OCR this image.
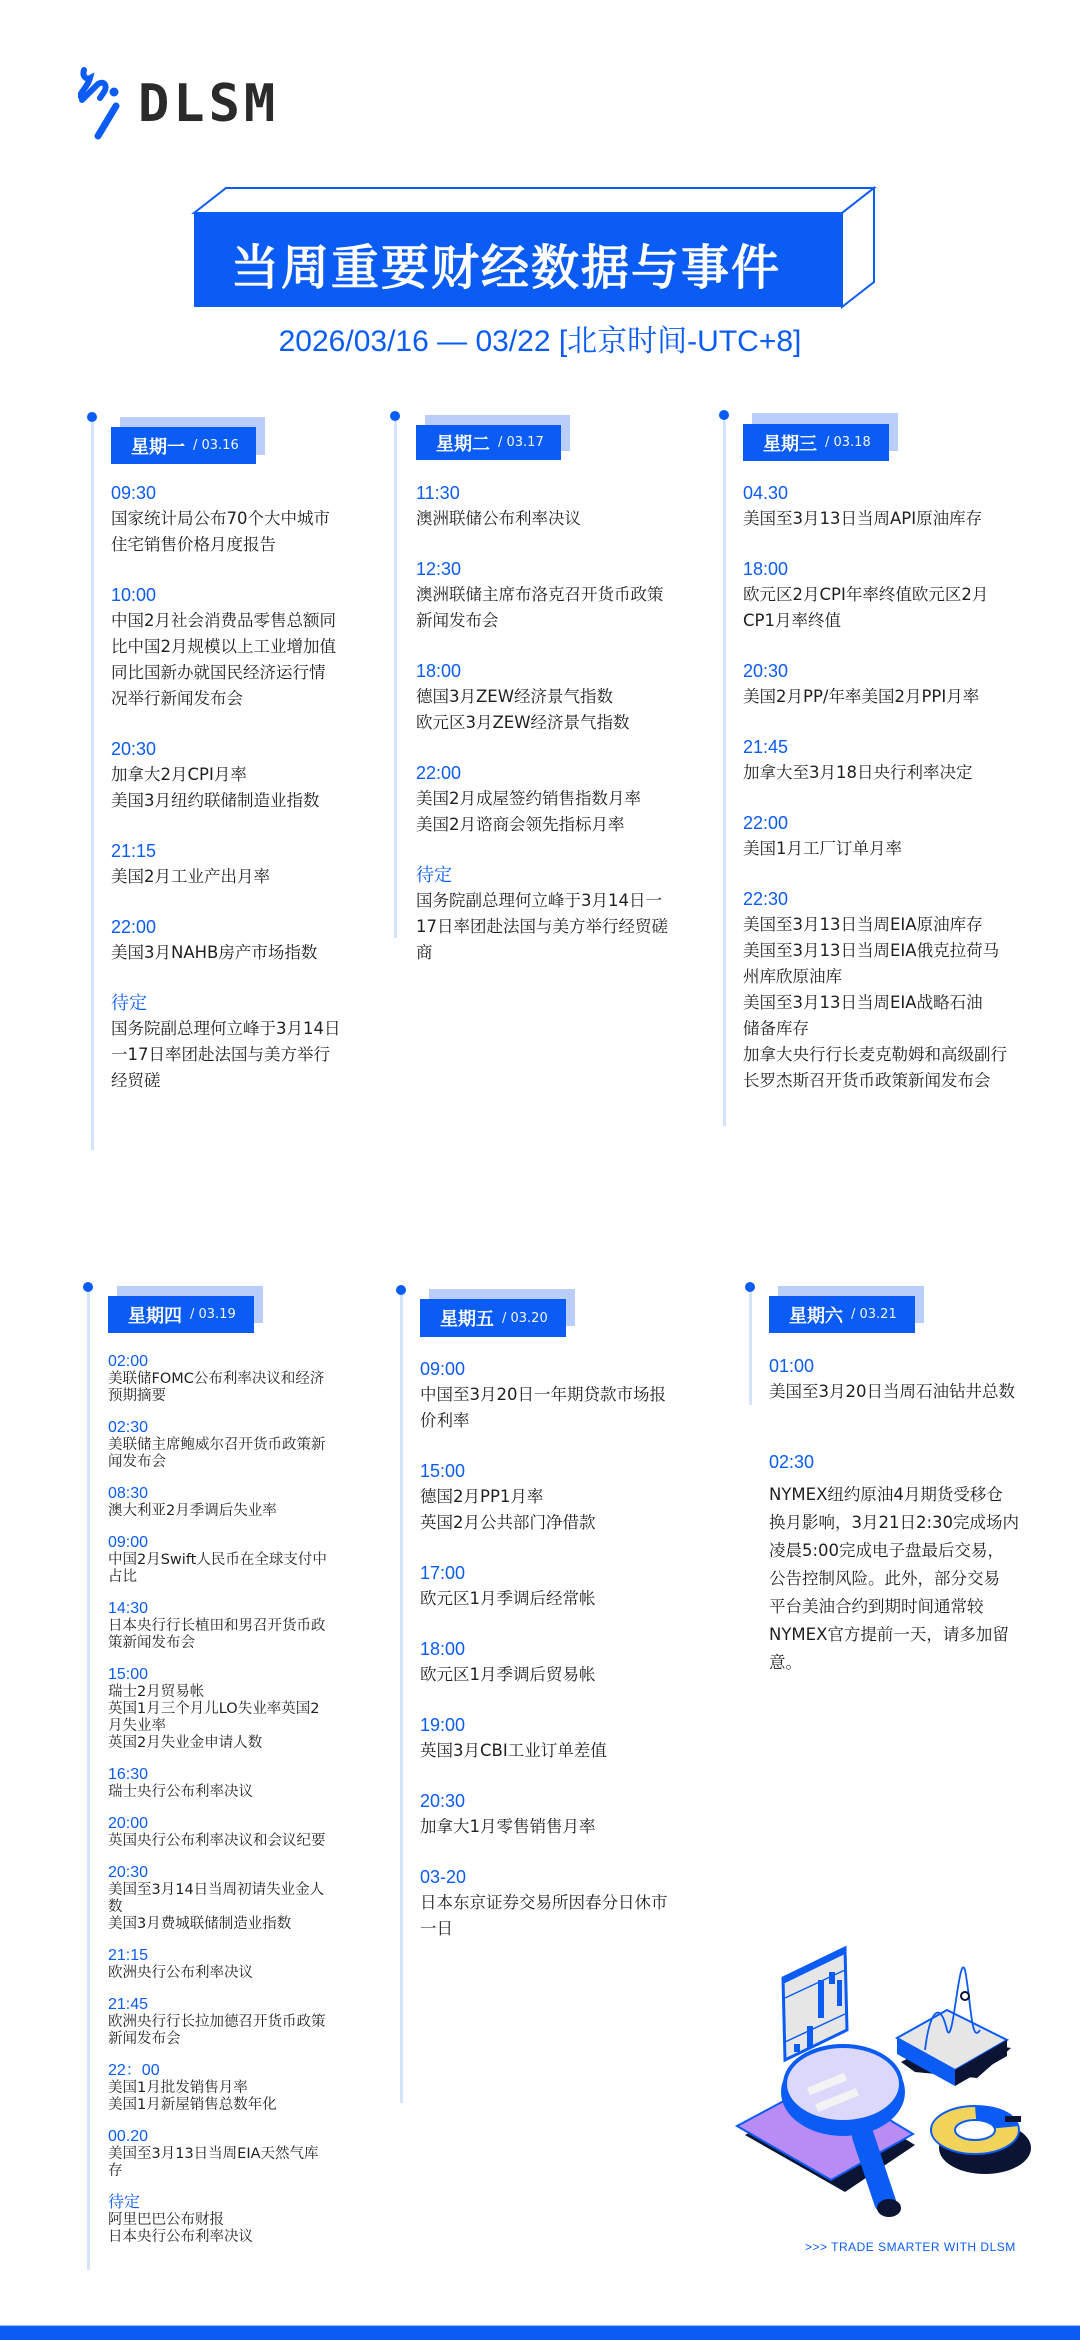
DLSM
当周重要财经数据与事件
2026/03/16 — 03/22 [北京时间-UTC+8]
星期一 / 03.16
09:30
国家统计局公布70个大中城市
住宅销售价格月度报告
10:00
中国2月社会消费品零售总额同
比中国2月规模以上工业增加值
同比国新办就国民经济运行情
况举行新闻发布会
20:30
加拿大2月CPI月率
美国3月纽约联储制造业指数
21:15
美国2月工业产出月率
22:00
美国3月NAHB房产市场指数
待定
国务院副总理何立峰于3月14日
一17日率团赴法国与美方举行
经贸磋
星期二 / 03.17
11:30
澳洲联储公布利率决议
12:30
澳洲联储主席布洛克召开货币政策
新闻发布会
18:00
德国3月ZEW经济景气指数
欧元区3月ZEW经济景气指数
22:00
美国2月成屋签约销售指数月率
美国2月谘商会领先指标月率
待定
国务院副总理何立峰于3月14日一
17日率团赴法国与美方举行经贸磋
商
星期三 / 03.18
04.30
美国至3月13日当周API原油库存
18:00
欧元区2月CPI年率终值欧元区2月
CP1月率终值
20:30
美国2月PP/年率美国2月PPI月率
21:45
加拿大至3月18日央行利率决定
22:00
美国1月工厂订单月率
22:30
美国至3月13日当周EIA原油库存
美国至3月13日当周EIA俄克拉荷马
州库欣原油库
美国至3月13日当周EIA战略石油
储备库存
加拿大央行行长麦克勒姆和高级副行
长罗杰斯召开货币政策新闻发布会
星期四 / 03.19
02:00
美联储FOMC公布利率决议和经济
预期摘要
02:30
美联储主席鲍威尔召开货币政策新
闻发布会
08:30
澳大利亚2月季调后失业率
09:00
中国2月Swift人民币在全球支付中
占比
14:30
日本央行行长植田和男召开货币政
策新闻发布会
15:00
瑞士2月贸易帐
英国1月三个月儿LO失业率英国2
月失业率
英国2月失业金申请人数
16:30
瑞士央行公布利率决议
20:00
英国央行公布利率决议和会议纪要
20:30
美国至3月14日当周初请失业金人
数
美国3月费城联储制造业指数
21:15
欧洲央行公布利率决议
21:45
欧洲央行行长拉加德召开货币政策
新闻发布会
22：00
美国1月批发销售月率
美国1月新屋销售总数年化
00.20
美国至3月13日当周EIA天然气库
存
待定
阿里巴巴公布财报
日本央行公布利率决议
星期五 / 03.20
09:00
中国至3月20日一年期贷款市场报
价利率
15:00
德国2月PP1月率
英国2月公共部门净借款
17:00
欧元区1月季调后经常帐
18:00
欧元区1月季调后贸易帐
19:00
英国3月CBI工业订单差值
20:30
加拿大1月零售销售月率
03-20
日本东京证券交易所因春分日休市
一日
星期六 / 03.21
01:00
美国至3月20日当周石油钻井总数
02:30
NYMEX纽约原油4月期货受移仓
换月影响，3月21日2:30完成场内
凌晨5:00完成电子盘最后交易，
公告控制风险。此外，部分交易
平台美油合约到期时间通常较
NYMEX官方提前一天，请多加留
意。
>>> TRADE SMARTER WITH DLSM
